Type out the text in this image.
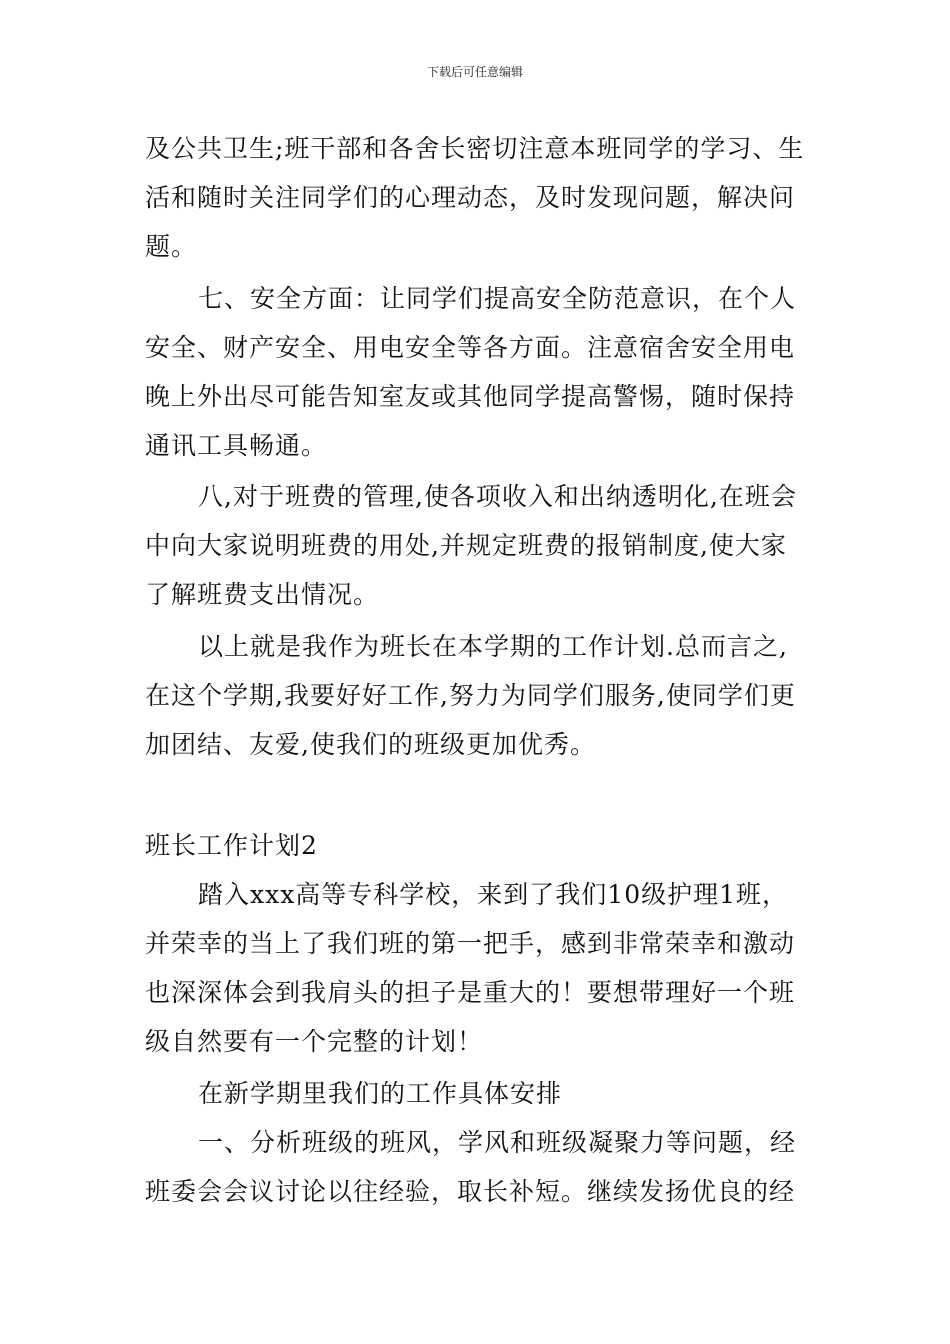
下载后可任意编辑
及公共卫生;班干部和各舍长密切注意本班同学的学习、生
活和随时关注同学们的心理动态，及时发现问题，解决问
题。
七、安全方面：让同学们提高安全防范意识，在个人
安全、财产安全、用电安全等各方面。注意宿舍安全用电
晚上外出尽可能告知室友或其他同学提高警惕，随时保持
通讯工具畅通。
八,对于班费的管理,使各项收入和出纳透明化,在班会
中向大家说明班费的用处,并规定班费的报销制度,使大家
了解班费支出情况。
以上就是我作为班长在本学期的工作计划.总而言之,
在这个学期,我要好好工作,努力为同学们服务,使同学们更
加团结、友爱,使我们的班级更加优秀。
班长工作计划2
踏入xxx高等专科学校，来到了我们10级护理1班，
并荣幸的当上了我们班的第一把手，感到非常荣幸和激动
也深深体会到我肩头的担子是重大的！要想带理好一个班
级自然要有一个完整的计划！
在新学期里我们的工作具体安排
一、分析班级的班风，学风和班级凝聚力等问题，经
班委会会议讨论以往经验，取长补短。继续发扬优良的经
